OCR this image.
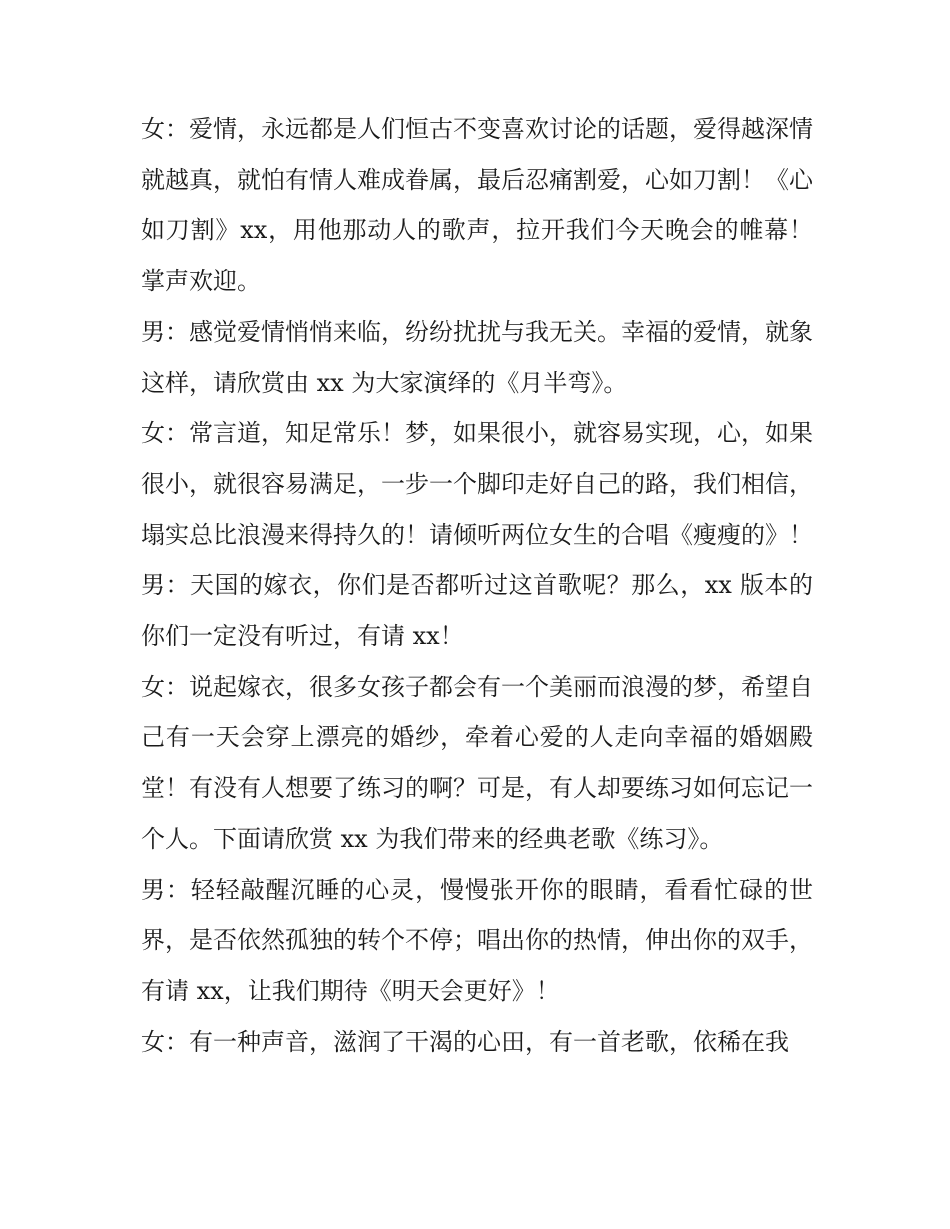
女：爱情，永远都是人们恒古不变喜欢讨论的话题，爱得越深情就越真，就怕有情人难成眷属，最后忍痛割爱，心如刀割！《心如刀割》xx，用他那动人的歌声，拉开我们今天晚会的帷幕！掌声欢迎。

男：感觉爱情悄悄来临，纷纷扰扰与我无关。幸福的爱情，就象这样，请欣赏由 xx 为大家演绎的《月半弯》。

女：常言道，知足常乐！梦，如果很小，就容易实现，心，如果很小，就很容易满足，一步一个脚印走好自己的路，我们相信，塌实总比浪漫来得持久的！请倾听两位女生的合唱《瘦瘦的》！

男：天国的嫁衣，你们是否都听过这首歌呢？那么，xx 版本的你们一定没有听过，有请 xx！

女：说起嫁衣，很多女孩子都会有一个美丽而浪漫的梦，希望自己有一天会穿上漂亮的婚纱，牵着心爱的人走向幸福的婚姻殿堂！有没有人想要了练习的啊？可是，有人却要练习如何忘记一个人。下面请欣赏 xx 为我们带来的经典老歌《练习》。

男：轻轻敲醒沉睡的心灵，慢慢张开你的眼睛，看看忙碌的世界，是否依然孤独的转个不停；唱出你的热情，伸出你的双手，有请 xx，让我们期待《明天会更好》！

女：有一种声音，滋润了干渴的心田，有一首老歌，依稀在我
